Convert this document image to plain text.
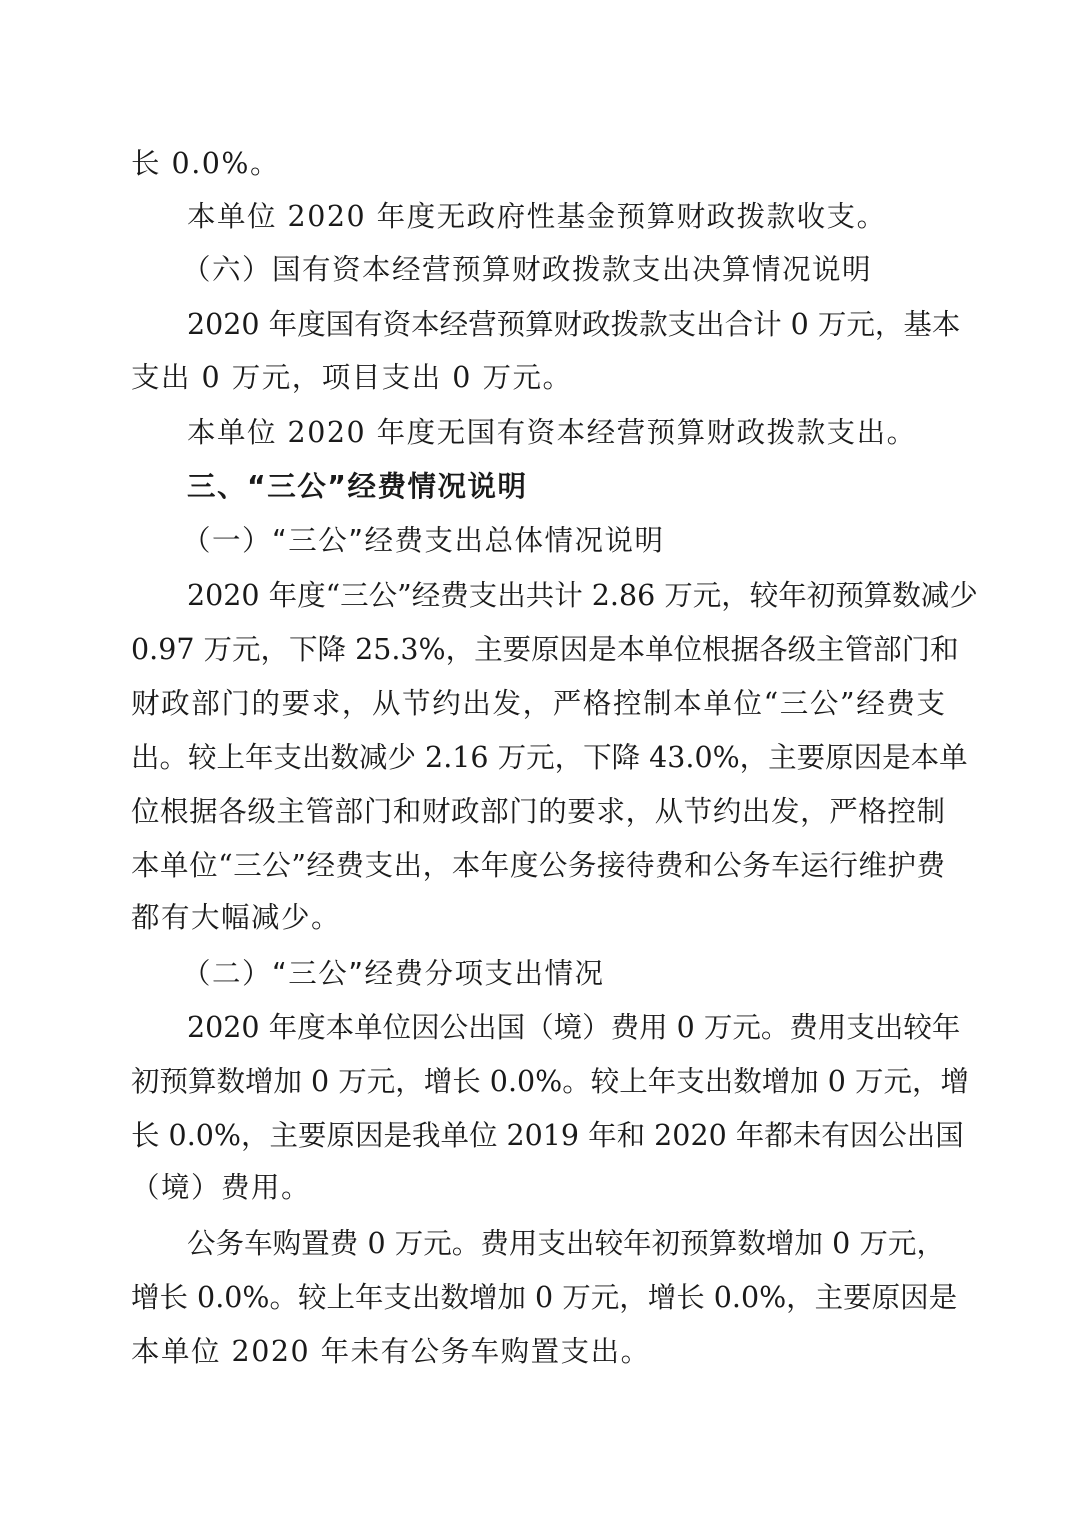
长 0.0%。
本单位 2020 年度无政府性基金预算财政拨款收支。
（六）国有资本经营预算财政拨款支出决算情况说明
2020 年度国有资本经营预算财政拨款支出合计 0 万元，基本
支出 0 万元，项目支出 0 万元。
本单位 2020 年度无国有资本经营预算财政拨款支出。
三、“三公”经费情况说明
（一）“三公”经费支出总体情况说明
2020 年度“三公”经费支出共计 2.86 万元，较年初预算数减少
0.97 万元，下降 25.3%，主要原因是本单位根据各级主管部门和
财政部门的要求，从节约出发，严格控制本单位“三公”经费支
出。较上年支出数减少 2.16 万元，下降 43.0%，主要原因是本单
位根据各级主管部门和财政部门的要求，从节约出发，严格控制
本单位“三公”经费支出，本年度公务接待费和公务车运行维护费
都有大幅减少。
（二）“三公”经费分项支出情况
2020 年度本单位因公出国（境）费用 0 万元。费用支出较年
初预算数增加 0 万元，增长 0.0%。较上年支出数增加 0 万元，增
长 0.0%，主要原因是我单位 2019 年和 2020 年都未有因公出国
（境）费用。
公务车购置费 0 万元。费用支出较年初预算数增加 0 万元，
增长 0.0%。较上年支出数增加 0 万元，增长 0.0%，主要原因是
本单位 2020 年未有公务车购置支出。
